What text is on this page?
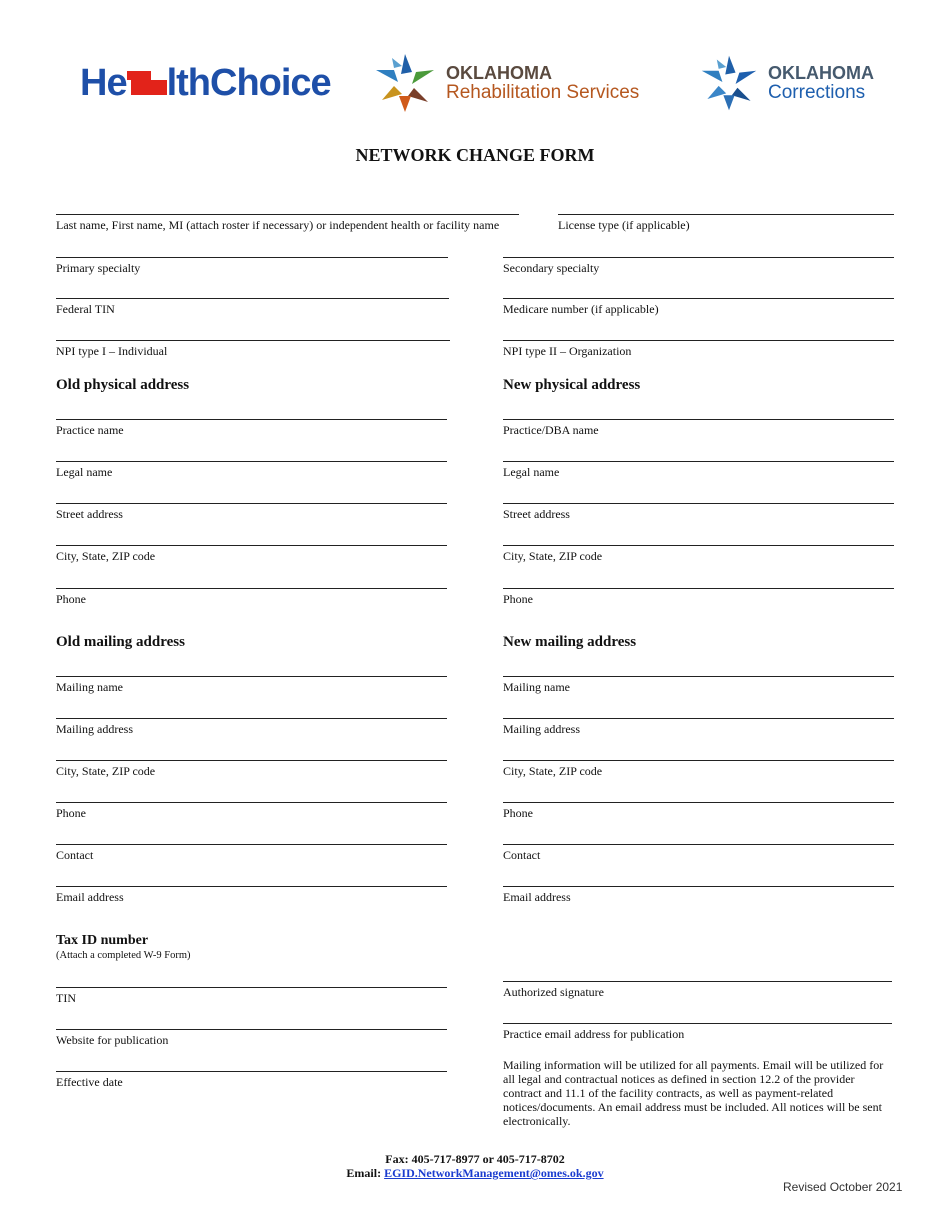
He lthChoice	OKLAHOMA
Rehabilitation Services
OKLAHOMA
Corrections
NETWORK CHANGE FORM
Last name, First name, MI (attach roster if necessary) or independent health or facility name	License type (if applicable)
Primary specialty	Secondary specialty
Federal TIN	Medicare number (if applicable)
NPI type I – Individual	NPI type II – Organization
Old physical address	New physical address
Practice name	Practice/DBA name
Legal name	Legal name
Street address	Street address
City, State, ZIP code	City, State, ZIP code
Phone	Phone
Old mailing address	New mailing address
Mailing name	Mailing name
Mailing address	Mailing address
City, State, ZIP code	City, State, ZIP code
Phone	Phone
Contact	Contact
Email address	Email address
Tax ID number
(Attach a completed W-9 Form)
TIN	Authorized signature
Website for publication	Practice email address for publication
Effective date
Mailing information will be utilized for all payments. Email will be utilized for all legal and contractual notices as defined in section 12.2 of the provider contract and 11.1 of the facility contracts, as well as payment-related notices/documents. An email address must be included. All notices will be sent electronically.
Fax: 405-717-8977 or 405-717-8702
Email: EGID.NetworkManagement@omes.ok.gov
Revised October 2021
